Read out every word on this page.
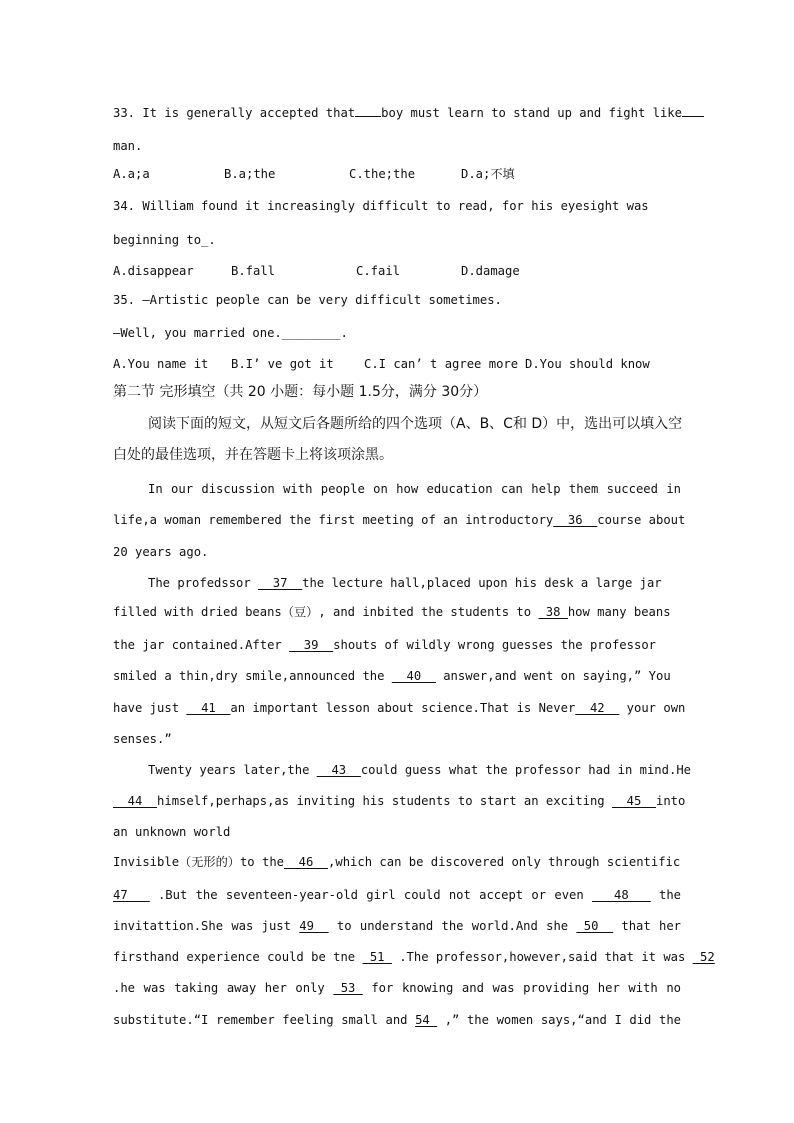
33. It is generally accepted that boy must learn to stand up and fight like
man.
A.a;a	B.a;the	C.the;the	D.a;不填
34. William found it increasingly difficult to read, for his eyesight was
beginning to_.
A.disappear	B.fall	C.fail	D.damage
35. —Artistic people can be very difficult sometimes.
—Well, you married one.________.
A.You name it B.I’ ve got it C.I can’ t agree more D.You should know
第二节 完形填空（共 20 小题：每小题 1.5分，满分 30分）
阅读下面的短文，从短文后各题所给的四个选项（A、B、C和 D）中，选出可以填入空
白处的最佳选项，并在答题卡上将该项涂黑。
In our discussion with people on how education can help them succeed in
life,a woman remembered the first meeting of an introductory__36__course about
20 years ago.
The profedssor __37__the lecture hall,placed upon his desk a large jar
filled with dried beans（豆）, and inbited the students to _38_how many beans
the jar contained.After __39__shouts of wildly wrong guesses the professor
smiled a thin,dry smile,announced the __40__ answer,and went on saying,” You
have just __41__an important lesson about science.That is Never__42__ your own
senses.”
Twenty years later,the __43__could guess what the professor had in mind.He
__44__himself,perhaps,as inviting his students to start an exciting __45__into
an unknown world
Invisible（无形的）to the__46__,which can be discovered only through scientific
47___ .But the seventeen-year-old girl could not accept or even ___48___ the
invitattion.She was just 49__ to understand the world.And she _50__ that her
firsthand experience could be tne _51_ .The professor,however,said that it was _52
.he was taking away her only _53_ for knowing and was providing her with no
substitute.“I remember feeling small and 54_ ,” the women says,“and I did the
